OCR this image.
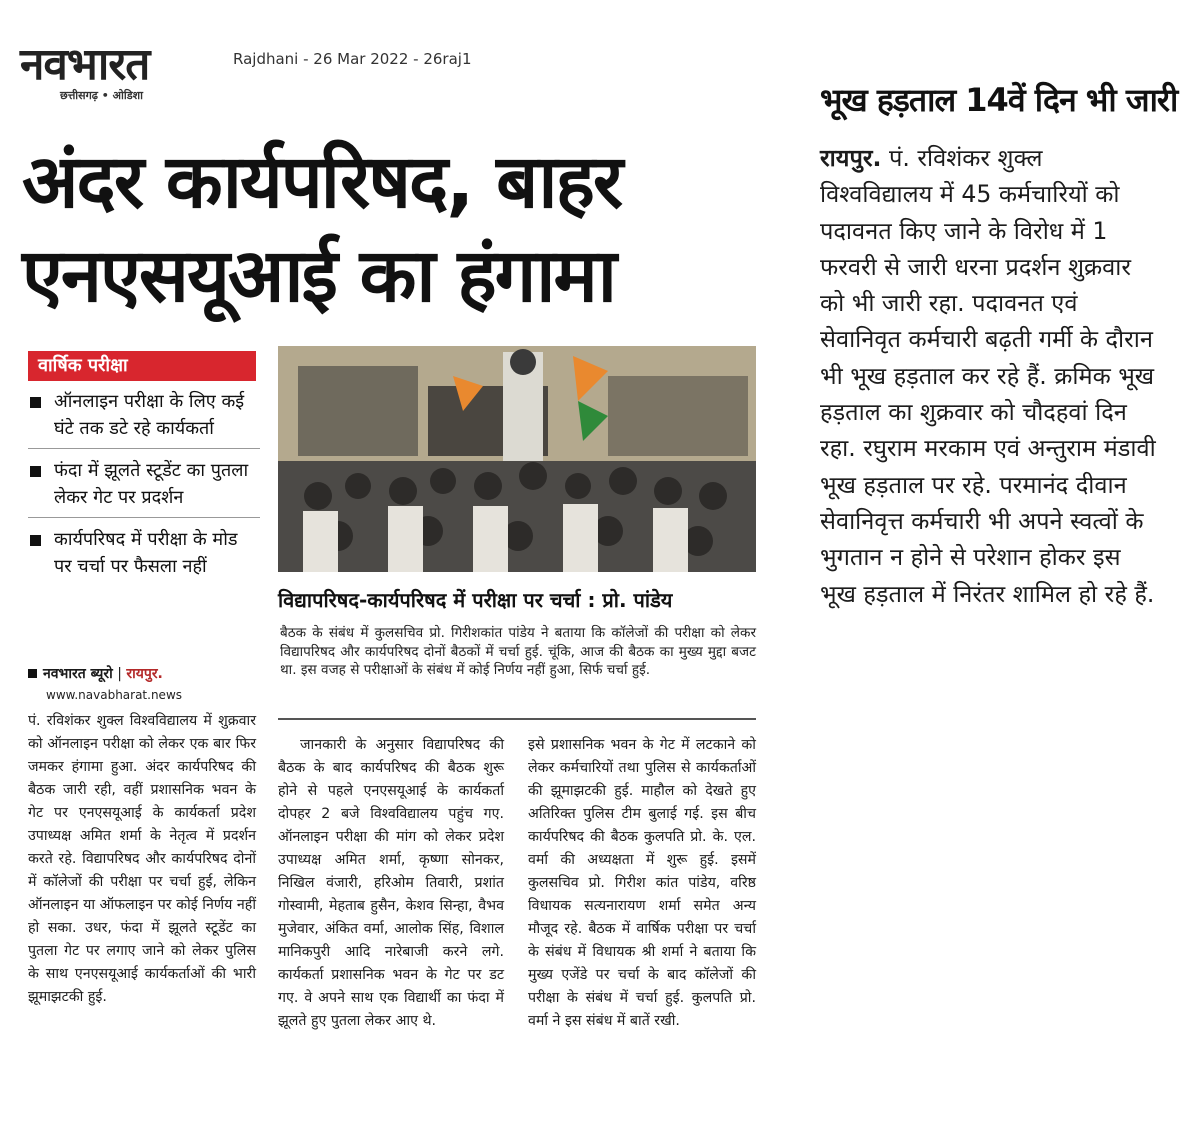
नवभारत
छत्तीसगढ़ • ओडिशा
Rajdhani - 26 Mar 2022 - 26raj1
अंदर कार्यपरिषद, बाहर
एनएसयूआई का हंगामा
वार्षिक परीक्षा
ऑनलाइन परीक्षा के लिए कई घंटे तक डटे रहे कार्यकर्ता
फंदा में झूलते स्टूडेंट का पुतला लेकर गेट पर प्रदर्शन
कार्यपरिषद में परीक्षा के मोड पर चर्चा पर फैसला नहीं
नवभारत ब्यूरो | रायपुर.
www.navabharat.news
विद्यापरिषद-कार्यपरिषद में परीक्षा पर चर्चा : प्रो. पांडेय
बैठक के संबंध में कुलसचिव प्रो. गिरीशकांत पांडेय ने बताया कि कॉलेजों की परीक्षा को लेकर विद्यापरिषद और कार्यपरिषद दोनों बैठकों में चर्चा हुई. चूंकि, आज की बैठक का मुख्य मुद्दा बजट था. इस वजह से परीक्षाओं के संबंध में कोई निर्णय नहीं हुआ, सिर्फ चर्चा हुई.
पं. रविशंकर शुक्ल विश्वविद्यालय में शुक्रवार को ऑनलाइन परीक्षा को लेकर एक बार फिर जमकर हंगामा हुआ. अंदर कार्यपरिषद की बैठक जारी रही, वहीं प्रशासनिक भवन के गेट पर एनएसयूआई के कार्यकर्ता प्रदेश उपाध्यक्ष अमित शर्मा के नेतृत्व में प्रदर्शन करते रहे. विद्यापरिषद और कार्यपरिषद दोनों में कॉलेजों की परीक्षा पर चर्चा हुई, लेकिन ऑनलाइन या ऑफलाइन पर कोई निर्णय नहीं हो सका. उधर, फंदा में झूलते स्टूडेंट का पुतला गेट पर लगाए जाने को लेकर पुलिस के साथ एनएसयूआई कार्यकर्ताओं की भारी झूमाझटकी हुई.
जानकारी के अनुसार विद्यापरिषद की बैठक के बाद कार्यपरिषद की बैठक शुरू होने से पहले एनएसयूआई के कार्यकर्ता दोपहर 2 बजे विश्वविद्यालय पहुंच गए. ऑनलाइन परीक्षा की मांग को लेकर प्रदेश उपाध्यक्ष अमित शर्मा, कृष्णा सोनकर, निखिल वंजारी, हरिओम तिवारी, प्रशांत गोस्वामी, मेहताब हुसैन, केशव सिन्हा, वैभव मुजेवार, अंकित वर्मा, आलोक सिंह, विशाल मानिकपुरी आदि नारेबाजी करने लगे. कार्यकर्ता प्रशासनिक भवन के गेट पर डट गए. वे अपने साथ एक विद्यार्थी का फंदा में झूलते हुए पुतला लेकर आए थे.
इसे प्रशासनिक भवन के गेट में लटकाने को लेकर कर्मचारियों तथा पुलिस से कार्यकर्ताओं की झूमाझटकी हुई. माहौल को देखते हुए अतिरिक्त पुलिस टीम बुलाई गई. इस बीच कार्यपरिषद की बैठक कुलपति प्रो. के. एल. वर्मा की अध्यक्षता में शुरू हुई. इसमें कुलसचिव प्रो. गिरीश कांत पांडेय, वरिष्ठ विधायक सत्यनारायण शर्मा समेत अन्य मौजूद रहे. बैठक में वार्षिक परीक्षा पर चर्चा के संबंध में विधायक श्री शर्मा ने बताया कि मुख्य एजेंडे पर चर्चा के बाद कॉलेजों की परीक्षा के संबंध में चर्चा हुई. कुलपति प्रो. वर्मा ने इस संबंध में बातें रखी.
भूख हड़ताल 14वें दिन भी जारी
रायपुर. पं. रविशंकर शुक्ल विश्वविद्यालय में 45 कर्मचारियों को पदावनत किए जाने के विरोध में 1 फरवरी से जारी धरना प्रदर्शन शुक्रवार को भी जारी रहा. पदावनत एवं सेवानिवृत कर्मचारी बढ़ती गर्मी के दौरान भी भूख हड़ताल कर रहे हैं. क्रमिक भूख हड़ताल का शुक्रवार को चौदहवां दिन रहा. रघुराम मरकाम एवं अन्तुराम मंडावी भूख हड़ताल पर रहे. परमानंद दीवान सेवानिवृत्त कर्मचारी भी अपने स्वत्वों के भुगतान न होने से परेशान होकर इस भूख हड़ताल में निरंतर शामिल हो रहे हैं.
